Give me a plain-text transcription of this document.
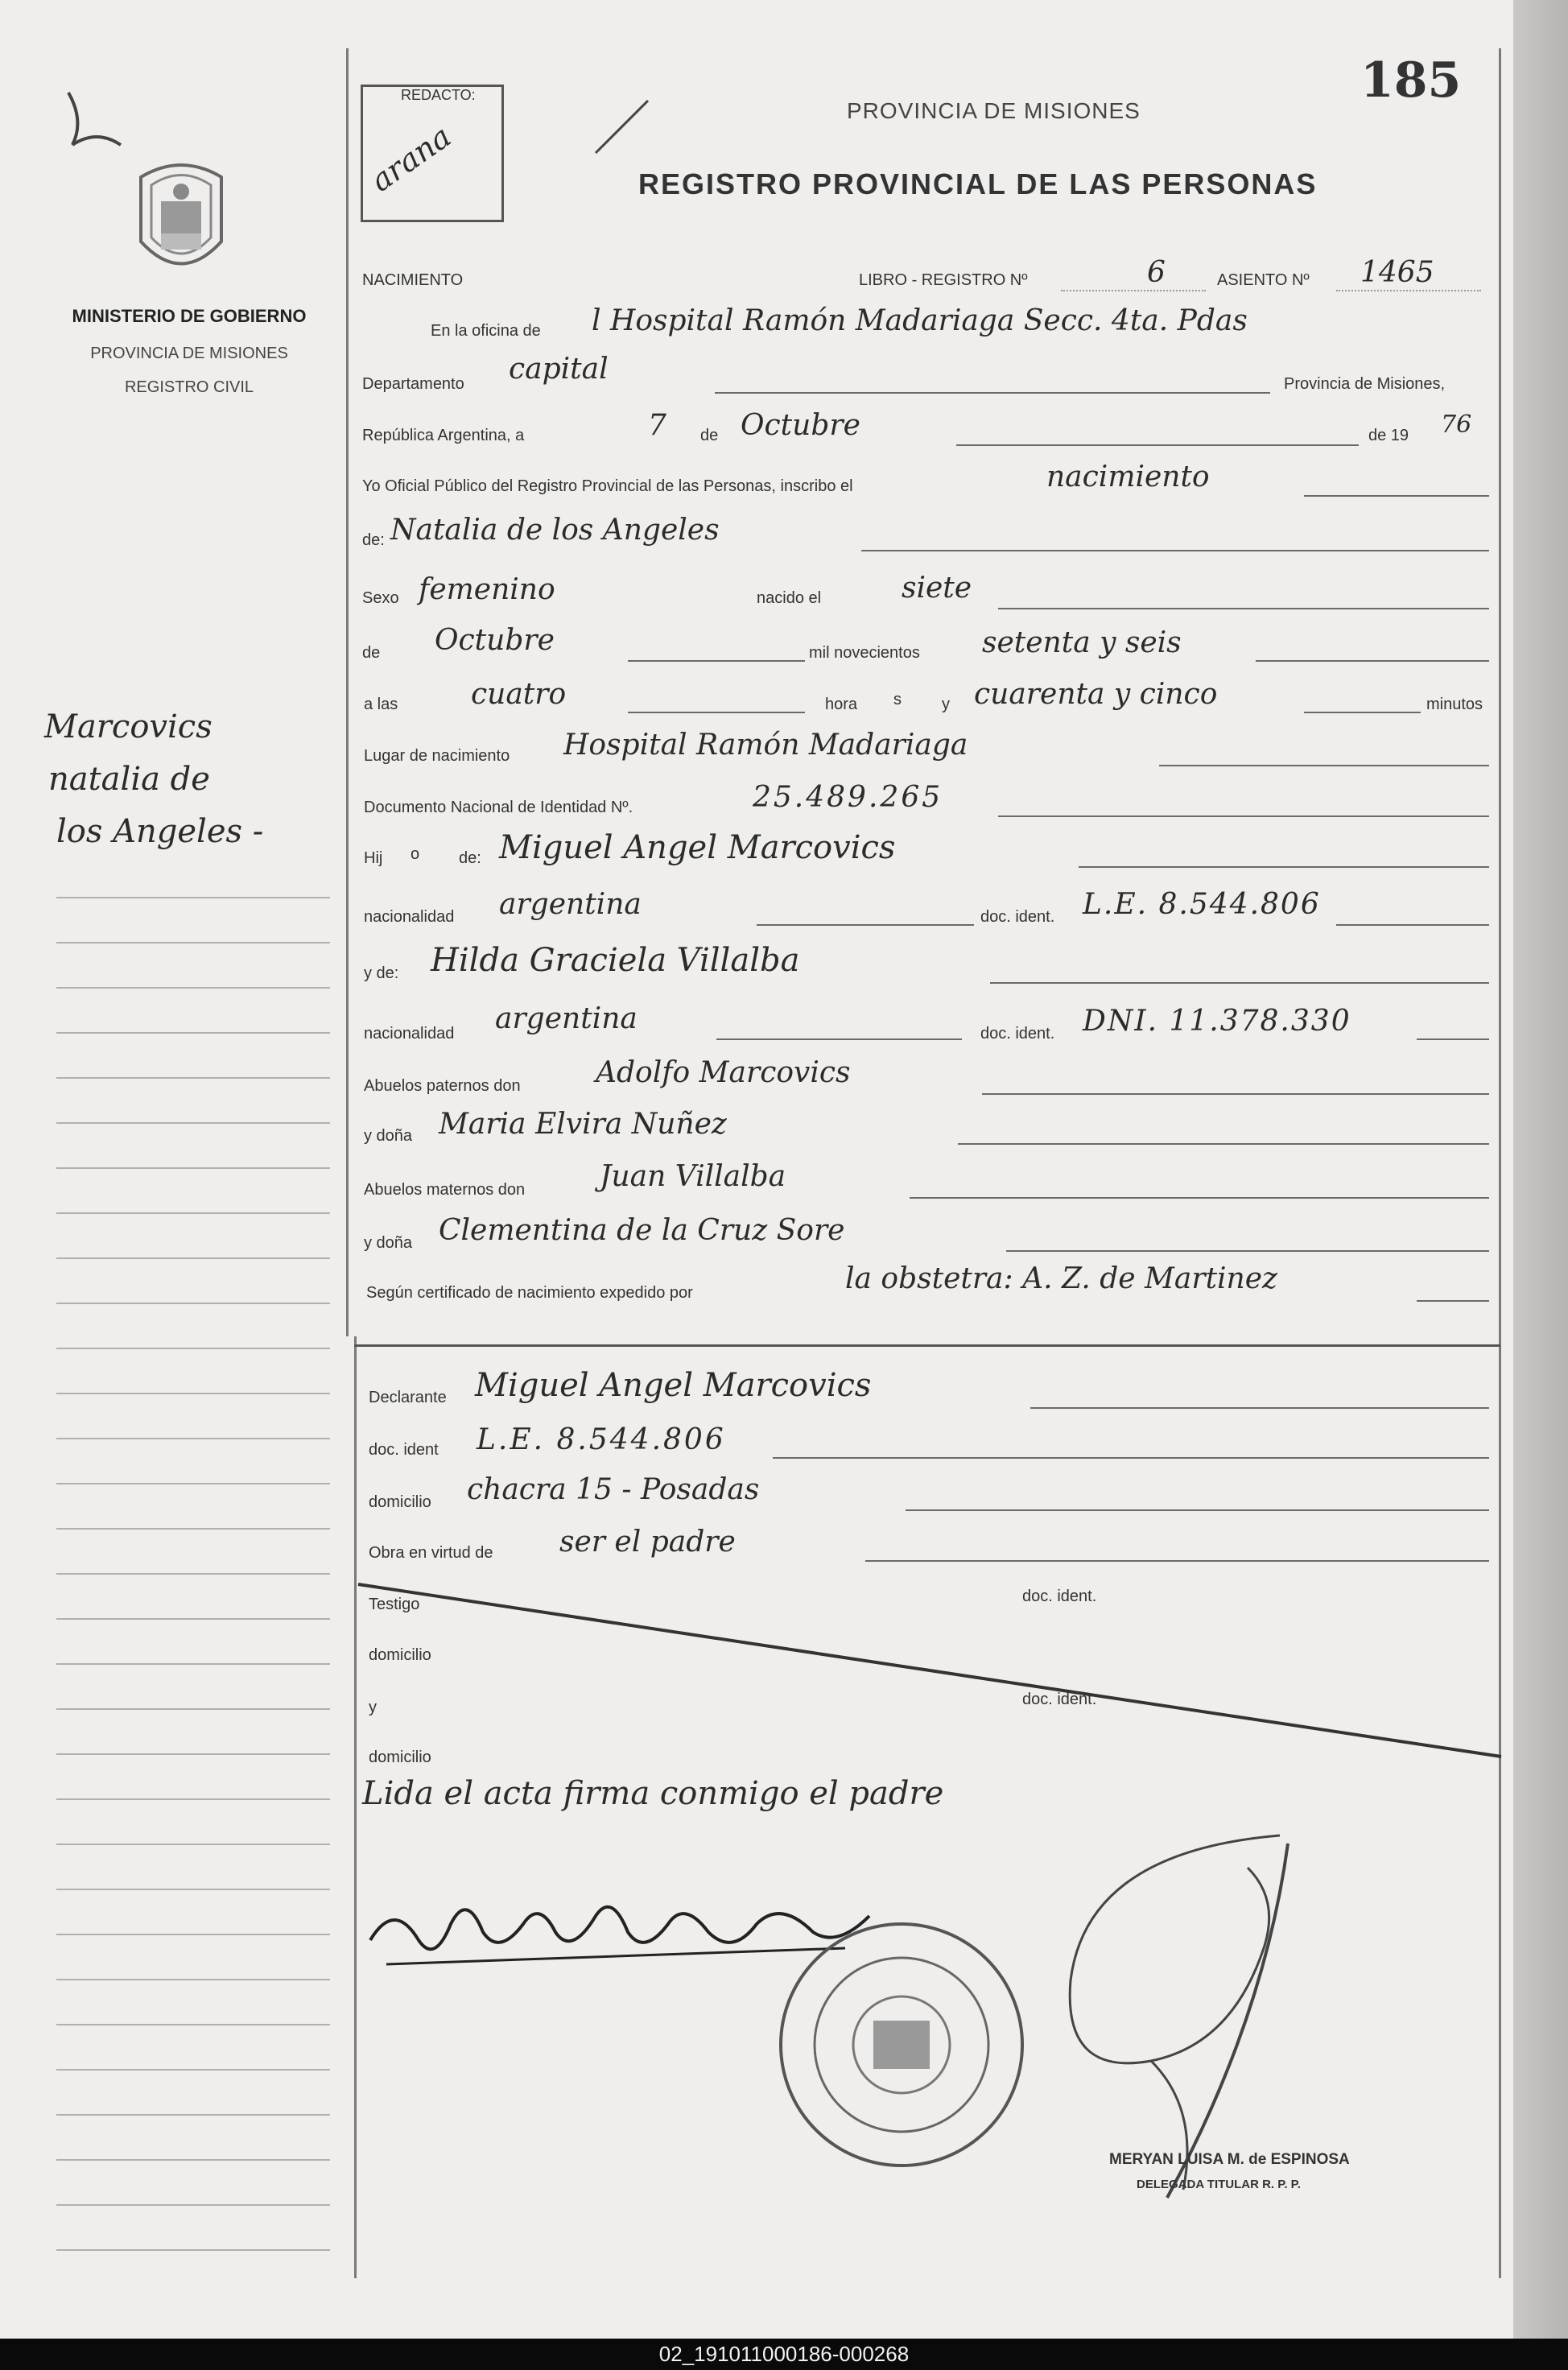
MINISTERIO DE GOBIERNO
PROVINCIA DE MISIONES
REGISTRO CIVIL
Marcovics
natalia de
los Angeles -
REDACTO:
arana
185
PROVINCIA DE MISIONES
REGISTRO PROVINCIAL DE LAS PERSONAS
NACIMIENTO	LIBRO - REGISTRO Nº	6	ASIENTO Nº 1465
En la oficina de l Hospital Ramón Madariaga Secc. 4ta. Pdas
Departamento capital	Provincia de Misiones,
República Argentina, a	7 de Octubre	de 19 76
Yo Oficial Público del Registro Provincial de las Personas, inscribo el	nacimiento
de: Natalia de los Angeles
Sexo femenino	nacido el	siete
de Octubre	mil novecientos setenta y seis
a las	cuatro	hora s	y cuarenta y cinco	minutos
Lugar de nacimiento Hospital Ramón Madariaga
Documento Nacional de Identidad Nº.	25.489.265
Hij o de: Miguel Angel Marcovics
nacionalidad argentina	doc. ident. L.E. 8.544.806
y de: Hilda Graciela Villalba
nacionalidad argentina	doc. ident. DNI. 11.378.330
Abuelos paternos don	Adolfo Marcovics
y doña Maria Elvira Nuñez
Abuelos maternos don	Juan Villalba
y doña Clementina de la Cruz Sore
Según certificado de nacimiento expedido por	la obstetra: A. Z. de Martinez
Declarante Miguel Angel Marcovics
doc. ident L.E. 8.544.806
domicilio chacra 15 - Posadas
Obra en virtud de ser el padre
Testigo	doc. ident.
domicilio
y	doc. ident.
domicilio
Lida el acta firma conmigo el padre
MERYAN LUISA M. de ESPINOSA
DELEGADA TITULAR R. P. P.
02_191011000186-000268
